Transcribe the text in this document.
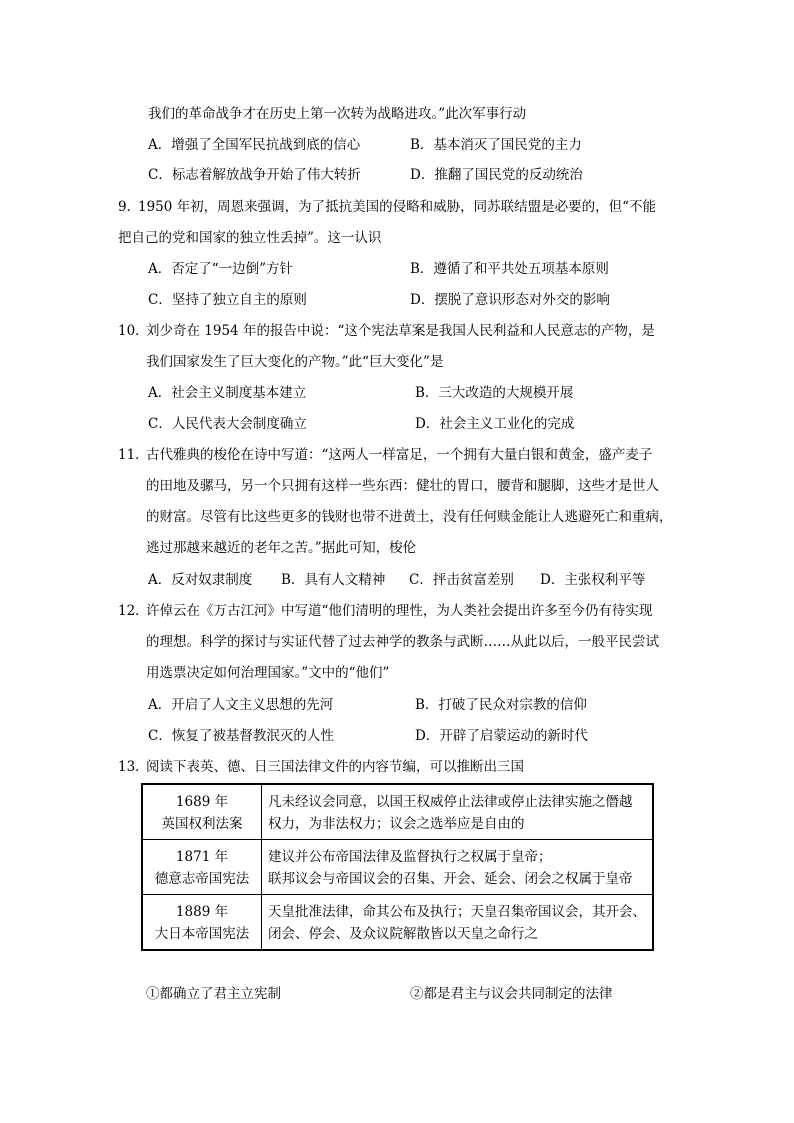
我们的革命战争才在历史上第一次转为战略进攻。”此次军事行动
A．增强了全国军民抗战到底的信心	B．基本消灭了国民党的主力
C．标志着解放战争开始了伟大转折	D．推翻了国民党的反动统治
9．
1950 年初，周恩来强调，为了抵抗美国的侵略和威胁，同苏联结盟是必要的，但“不能
把自己的党和国家的独立性丢掉”。这一认识
A．否定了“一边倒”方针	B．遵循了和平共处五项基本原则
C．坚持了独立自主的原则	D．摆脱了意识形态对外交的影响
10．
刘少奇在 1954 年的报告中说：“这个宪法草案是我国人民利益和人民意志的产物，是
我们国家发生了巨大变化的产物。”此“巨大变化”是
A．社会主义制度基本建立	B．三大改造的大规模开展
C．人民代表大会制度确立	D．社会主义工业化的完成
11．
古代雅典的梭伦在诗中写道：“这两人一样富足，一个拥有大量白银和黄金，盛产麦子
的田地及骡马，另一个只拥有这样一些东西：健壮的胃口，腰背和腿脚，这些才是世人
的财富。尽管有比这些更多的钱财也带不进黄土，没有任何赎金能让人逃避死亡和重病，
逃过那越来越近的老年之苦。”据此可知，梭伦
A．反对奴隶制度 B．具有人文精神 C．抨击贫富差别 D．主张权利平等
12．
许倬云在《万古江河》中写道“他们清明的理性，为人类社会提出许多至今仍有待实现
的理想。科学的探讨与实证代替了过去神学的教条与武断……从此以后，一般平民尝试
用选票决定如何治理国家。”文中的“他们”
A．开启了人文主义思想的先河	B．打破了民众对宗教的信仰
C．恢复了被基督教泯灭的人性	D．开辟了启蒙运动的新时代
13．
阅读下表英、德、日三国法律文件的内容节编，可以推断出三国
1689 年
英国权利法案	凡未经议会同意，以国王权威停止法律或停止法律实施之僭越
权力，为非法权力；议会之选举应是自由的

1871 年
德意志帝国宪法	建议并公布帝国法律及监督执行之权属于皇帝；
联邦议会与帝国议会的召集、开会、延会、闭会之权属于皇帝

1889 年
大日本帝国宪法	天皇批准法律，命其公布及执行；天皇召集帝国议会，其开会、
闭会、停会、及众议院解散皆以天皇之命行之
①都确立了君主立宪制	②都是君主与议会共同制定的法律
